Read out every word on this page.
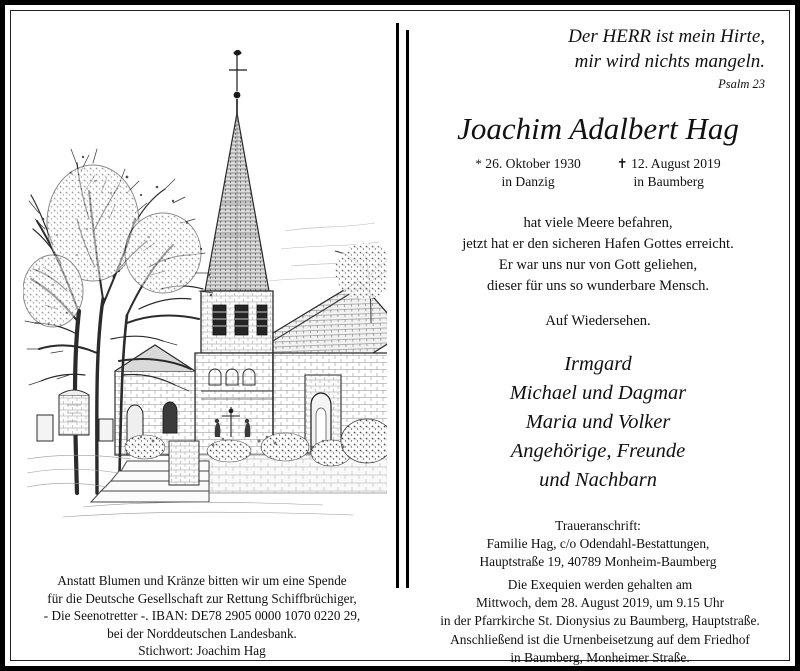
Anstatt Blumen und Kränze bitten wir um eine Spende
für die Deutsche Gesellschaft zur Rettung Schiffbrüchiger,
- Die Seenotretter -. IBAN: DE78 2905 0000 1070 0220 29,
bei der Norddeutschen Landesbank.
Stichwort: Joachim Hag
Der HERR ist mein Hirte,
mir wird nichts mangeln.
Psalm 23
Joachim Adalbert Hag
* 26. Oktober 1930
in Danzig
✝ 12. August 2019
in Baumberg
hat viele Meere befahren,
jetzt hat er den sicheren Hafen Gottes erreicht.
Er war uns nur von Gott geliehen,
dieser für uns so wunderbare Mensch.
Auf Wiedersehen.
Irmgard
Michael und Dagmar
Maria und Volker
Angehörige, Freunde
und Nachbarn
Traueranschrift:
Familie Hag, c/o Odendahl-Bestattungen,
Hauptstraße 19, 40789 Monheim-Baumberg
Die Exequien werden gehalten am
Mittwoch, dem 28. August 2019, um 9.15 Uhr
in der Pfarrkirche St. Dionysius zu Baumberg, Hauptstraße.
Anschließend ist die Urnenbeisetzung auf dem Friedhof
in Baumberg, Monheimer Straße.
